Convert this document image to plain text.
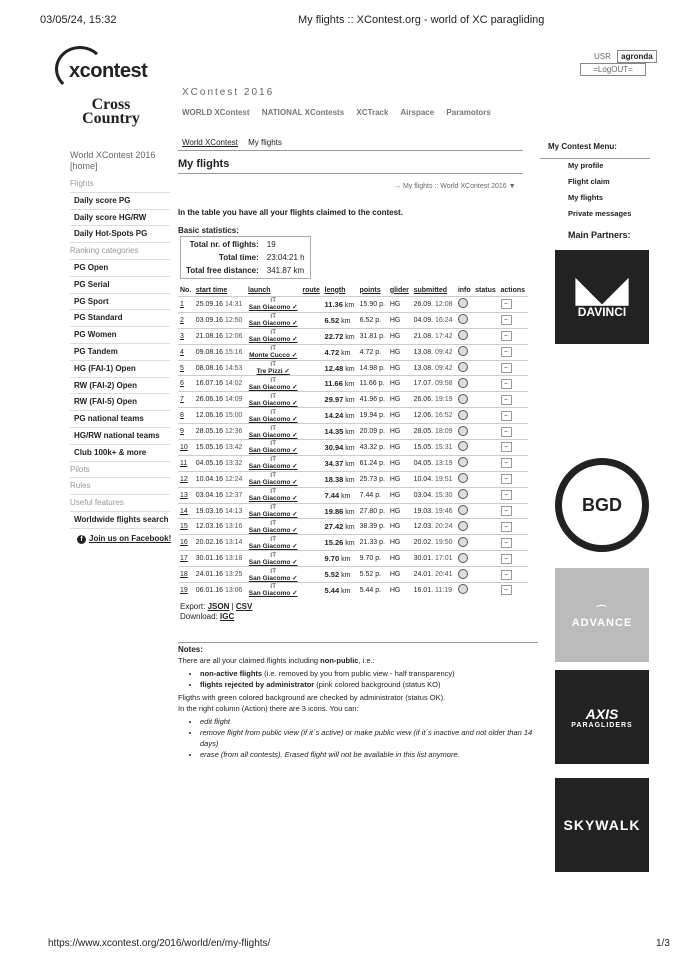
03/05/24, 15:32	My flights :: XContest.org - world of XC paragliding
xcontest
Cross
Country
USR agronda
=LogOUT=
XContest 2016
WORLD XContest NATIONAL XContests XCTrack Airspace Paramotors
World XContest My flights
World XContest 2016
[home]
Flights
Daily score PG
Daily score HG/RW
Daily Hot-Spots PG
Ranking categories
PG Open
PG Serial
PG Sport
PG Standard
PG Women
PG Tandem
HG (FAI-1) Open
RW (FAI-2) Open
RW (FAI-5) Open
PG national teams
HG/RW national teams
Club 100k+ & more
Pilots
Rules
Useful features
Worldwide flights search
f Join us on Facebook!
My flights
→ My flights :: World XContest 2016 ▼
In the table you have all your flights claimed to the contest.
Basic statistics:
Total nr. of flights:	19
Total time:	23:04:21 h
Total free distance:	341.87 km
No.	start time	launch	route	length	points	glider	submitted	info	status	actions
1	25.09.16 14:31	IT
San Giacomo ✓		11.36 km	15.90 p.	HG	26.09. 12:08			–
2	03.09.16 12:50	IT
San Giacomo ✓		6.52 km	6.52 p.	HG	04.09. 16:24			–
3	21.08.16 12:06	IT
San Giacomo ✓		22.72 km	31.81 p.	HG	21.08. 17:42			–
4	09.08.16 15:16	IT
Monte Cucco ✓		4.72 km	4.72 p.	HG	13.08. 09:42			–
5	08.08.16 14:53	IT
Tre Pizzi ✓		12.48 km	14.98 p.	HG	13.08. 09:42			–
6	16.07.16 14:02	IT
San Giacomo ✓		11.66 km	11.66 p.	HG	17.07. 09:58			–
7	26.06.16 14:09	IT
San Giacomo ✓		29.97 km	41.96 p.	HG	26.06. 19:19			–
8	12.06.16 15:00	IT
San Giacomo ✓		14.24 km	19.94 p.	HG	12.06. 16:52			–
9	28.05.16 12:36	IT
San Giacomo ✓		14.35 km	20.09 p.	HG	28.05. 18:09			–
10	15.05.16 13:42	IT
San Giacomo ✓		30.94 km	43.32 p.	HG	15.05. 15:31			–
11	04.05.16 13:32	IT
San Giacomo ✓		34.37 km	61.24 p.	HG	04.05. 13:19			–
12	10.04.16 12:24	IT
San Giacomo ✓		18.38 km	25.73 p.	HG	10.04. 19:51			–
13	03.04.16 12:37	IT
San Giacomo ✓		7.44 km	7.44 p.	HG	03.04. 15:30			–
14	19.03.16 14:13	IT
San Giacomo ✓		19.86 km	27.80 p.	HG	19.03. 19:46			–
15	12.03.16 13:16	IT
San Giacomo ✓		27.42 km	38.39 p.	HG	12.03. 20:24			–
16	20.02.16 13:14	IT
San Giacomo ✓		15.26 km	21.33 p.	HG	20.02. 19:50			–
17	30.01.16 13:18	IT
San Giacomo ✓		9.70 km	9.70 p.	HG	30.01. 17:01			–
18	24.01.16 13:25	IT
San Giacomo ✓		5.52 km	5.52 p.	HG	24.01. 20:41			–
19	06.01.16 13:06	IT
San Giacomo ✓		5.44 km	5.44 p.	HG	16.01. 11:19			–
Export: JSON | CSV
Download: IGC
Notes:
There are all your claimed flights including non-public, i.e.:
• non-active flights (i.e. removed by you from public view - half transparency)
• flights rejected by administrator (pink colored background (status KO)
Fligths with green colored background are checked by administrator (status OK).
In the right column (Action) there are 3 icons. You can:
• edit flight
• remove flight from public view (if it´s active) or make public view (if it´s inactive and not older than 14 days)
• erase (from all contests). Erased flight will not be available in this list anymore.
My Contest Menu:
My profile
Flight claim
My flights
Private messages
Main Partners:
◣◢
DAVINCI
BGD
⌒
ADVANCE
AXIS
PARAGLIDERS
SKYWALK
https://www.xcontest.org/2016/world/en/my-flights/	1/3
